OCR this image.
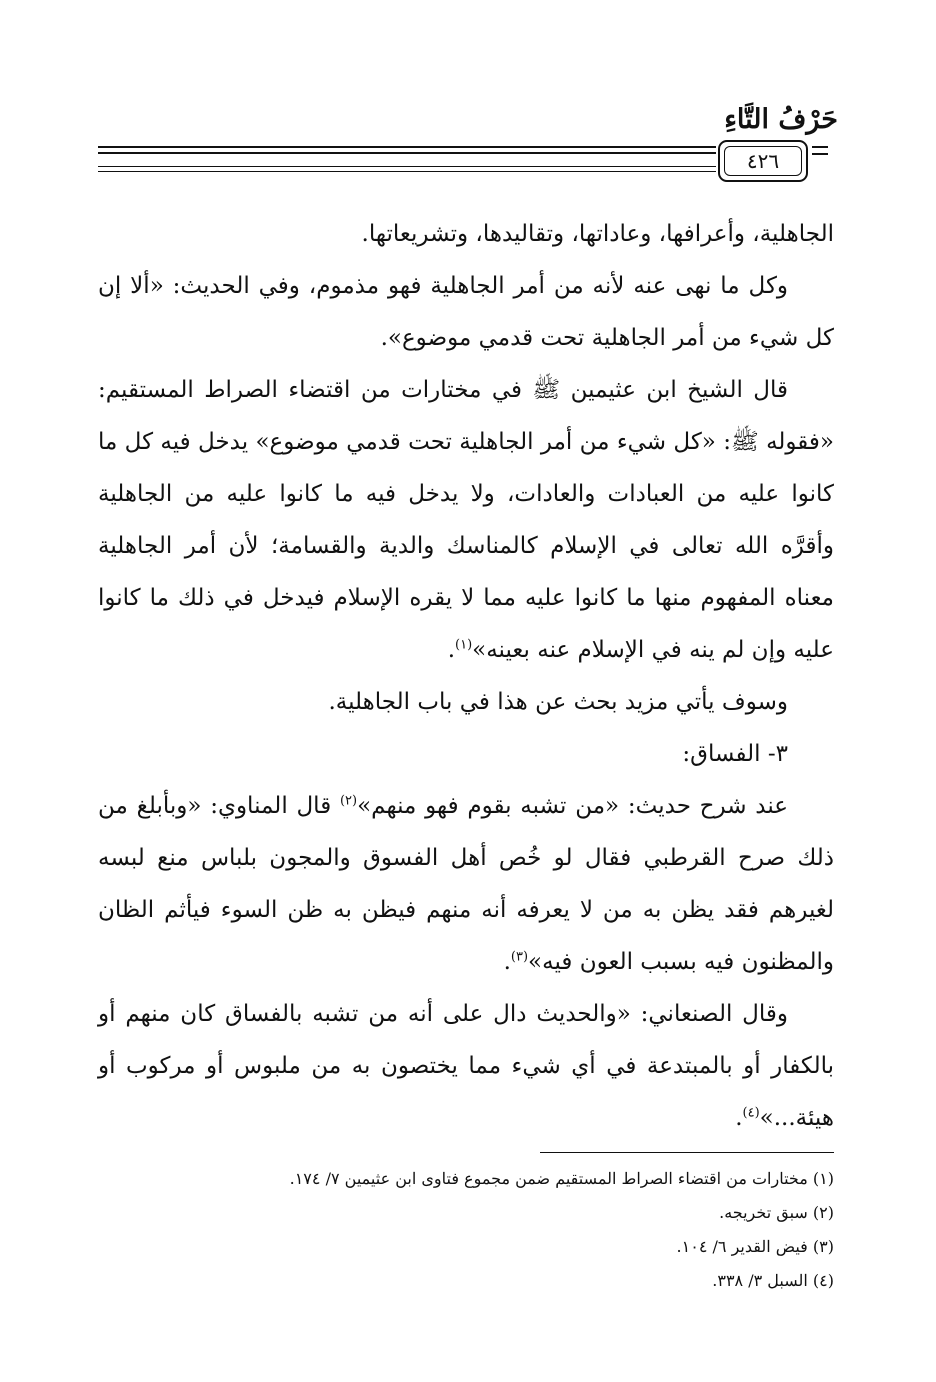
حَرْفُ التَّاءِ
٤٢٦
الجاهلية، وأعرافها، وعاداتها، وتقاليدها، وتشريعاتها.
وكل ما نهى عنه لأنه من أمر الجاهلية فهو مذموم، وفي الحديث: «ألا إن كل شيء من أمر الجاهلية تحت قدمي موضوع».
قال الشيخ ابن عثيمين ﷺ في مختارات من اقتضاء الصراط المستقيم: «فقوله ﷺ: «كل شيء من أمر الجاهلية تحت قدمي موضوع» يدخل فيه كل ما كانوا عليه من العبادات والعادات، ولا يدخل فيه ما كانوا عليه من الجاهلية وأقرَّه الله تعالى في الإسلام كالمناسك والدية والقسامة؛ لأن أمر الجاهلية معناه المفهوم منها ما كانوا عليه مما لا يقره الإسلام فيدخل في ذلك ما كانوا عليه وإن لم ينه في الإسلام عنه بعينه»$^{(١)}$.
وسوف يأتي مزيد بحث عن هذا في باب الجاهلية.
٣- الفساق:
عند شرح حديث: «من تشبه بقوم فهو منهم»$^{(٢)}$ قال المناوي: «وبأبلغ من ذلك صرح القرطبي فقال لو خُص أهل الفسوق والمجون بلباس منع لبسه لغيرهم فقد يظن به من لا يعرفه أنه منهم فيظن به ظن السوء فيأثم الظان والمظنون فيه بسبب العون فيه»$^{(٣)}$.
وقال الصنعاني: «والحديث دال على أنه من تشبه بالفساق كان منهم أو بالكفار أو بالمبتدعة في أي شيء مما يختصون به من ملبوس أو مركوب أو هيئة...»$^{(٤)}$.
(١) مختارات من اقتضاء الصراط المستقيم ضمن مجموع فتاوى ابن عثيمين ٧/ ١٧٤.
(٢) سبق تخريجه.
(٣) فيض القدير ٦/ ١٠٤.
(٤) السبل ٣/ ٣٣٨.
